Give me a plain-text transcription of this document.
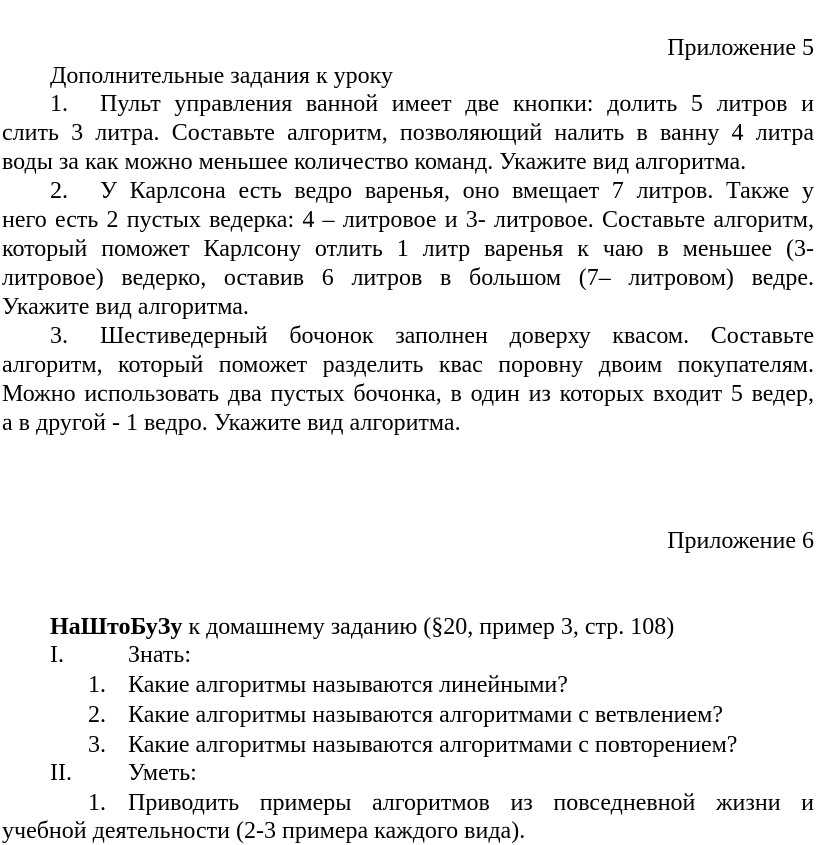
Приложение 5
Дополнительные задания к уроку
1. Пульт управления ванной имеет две кнопки: долить 5 литров и
слить 3 литра. Составьте алгоритм, позволяющий налить в ванну 4 литра
воды за как можно меньшее количество команд. Укажите вид алгоритма.
2. У Карлсона есть ведро варенья, оно вмещает 7 литров. Также у
него есть 2 пустых ведерка: 4 – литровое и 3- литровое. Составьте алгоритм,
который поможет Карлсону отлить 1 литр варенья к чаю в меньшее (3-
литровое) ведерко, оставив 6 литров в большом (7– литровом) ведре.
Укажите вид алгоритма.
3. Шестиведерный бочонок заполнен доверху квасом. Составьте
алгоритм, который поможет разделить квас поровну двоим покупателям.
Можно использовать два пустых бочонка, в один из которых входит 5 ведер,
а в другой - 1 ведро. Укажите вид алгоритма.
Приложение 6
НаШтоБуЗу к домашнему заданию (§20, пример 3, стр. 108)
I.	Знать:
1. Какие алгоритмы называются линейными?
2. Какие алгоритмы называются алгоритмами с ветвлением?
3. Какие алгоритмы называются алгоритмами с повторением?
II. Уметь:
1. Приводить примеры алгоритмов из повседневной жизни и
учебной деятельности (2-3 примера каждого вида).
